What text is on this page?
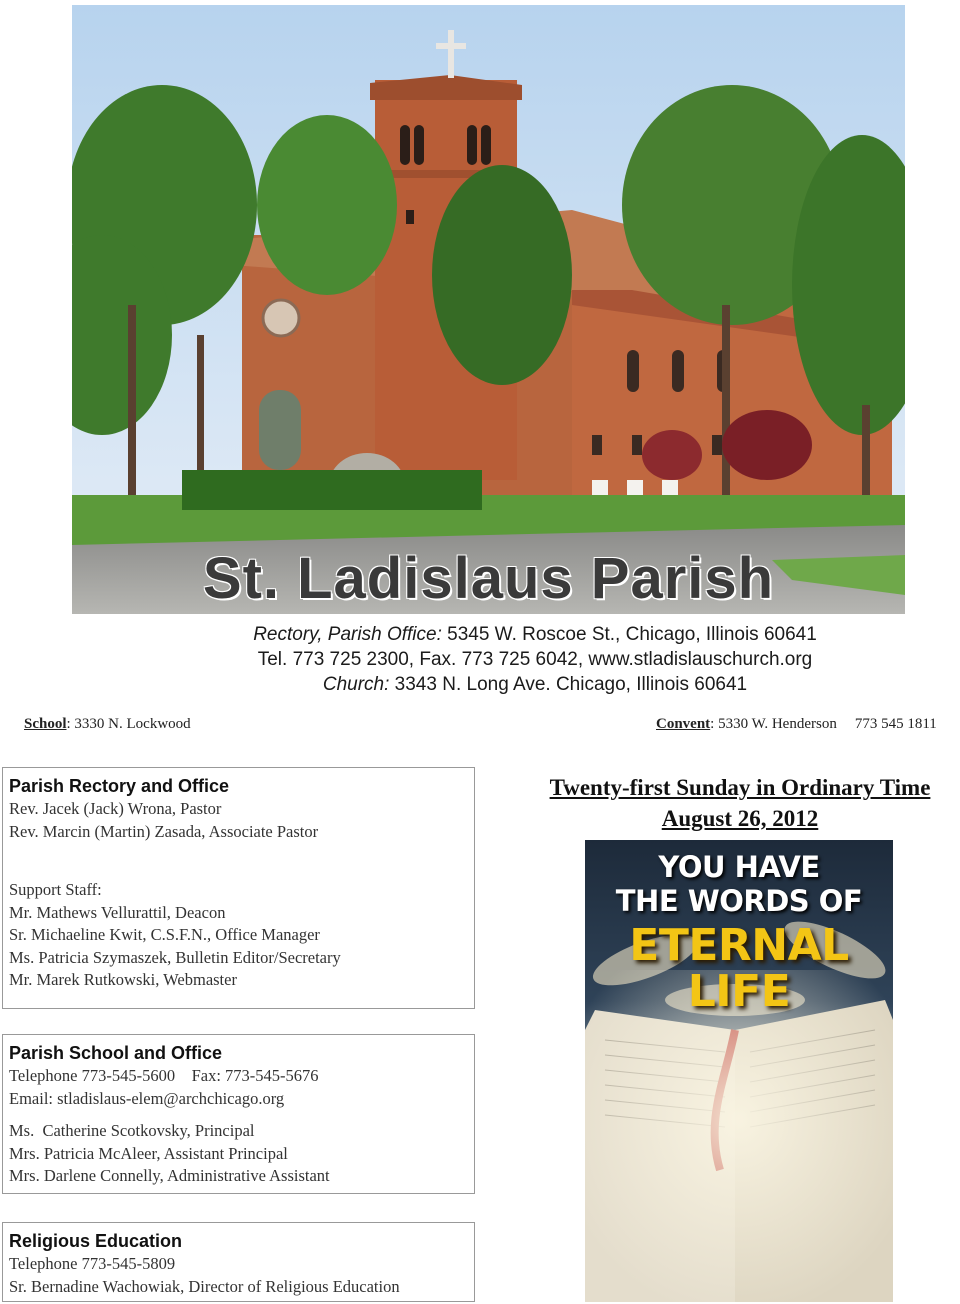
St. Ladislaus Parish
Rectory, Parish Office: 5345 W. Roscoe St., Chicago, Illinois 60641
Tel. 773 725 2300, Fax. 773 725 6042, www.stladislauschurch.org
Church: 3343 N. Long Ave. Chicago, Illinois 60641
School: 3330 N. Lockwood	Convent: 5330 W. Henderson 773 545 1811
Parish Rectory and Office

Rev. Jacek (Jack) Wrona, Pastor

Rev. Marcin (Martin) Zasada, Associate Pastor

Support Staff:

Mr. Mathews Vellurattil, Deacon

Sr. Michaeline Kwit, C.S.F.N., Office Manager

Ms. Patricia Szymaszek, Bulletin Editor/Secretary

Mr. Marek Rutkowski, Webmaster

Parish School and Office

Telephone 773-545-5600    Fax: 773-545-5676

Email: stladislaus-elem@archchicago.org

Ms.  Catherine Scotkovsky, Principal

Mrs. Patricia McAleer, Assistant Principal

Mrs. Darlene Connelly, Administrative Assistant

Religious Education

Telephone 773-545-5809

Sr. Bernadine Wachowiak, Director of Religious Education

Twenty-first Sunday in Ordinary Time
August 26, 2012
YOU HAVE
THE WORDS OF
ETERNAL
LIFE
